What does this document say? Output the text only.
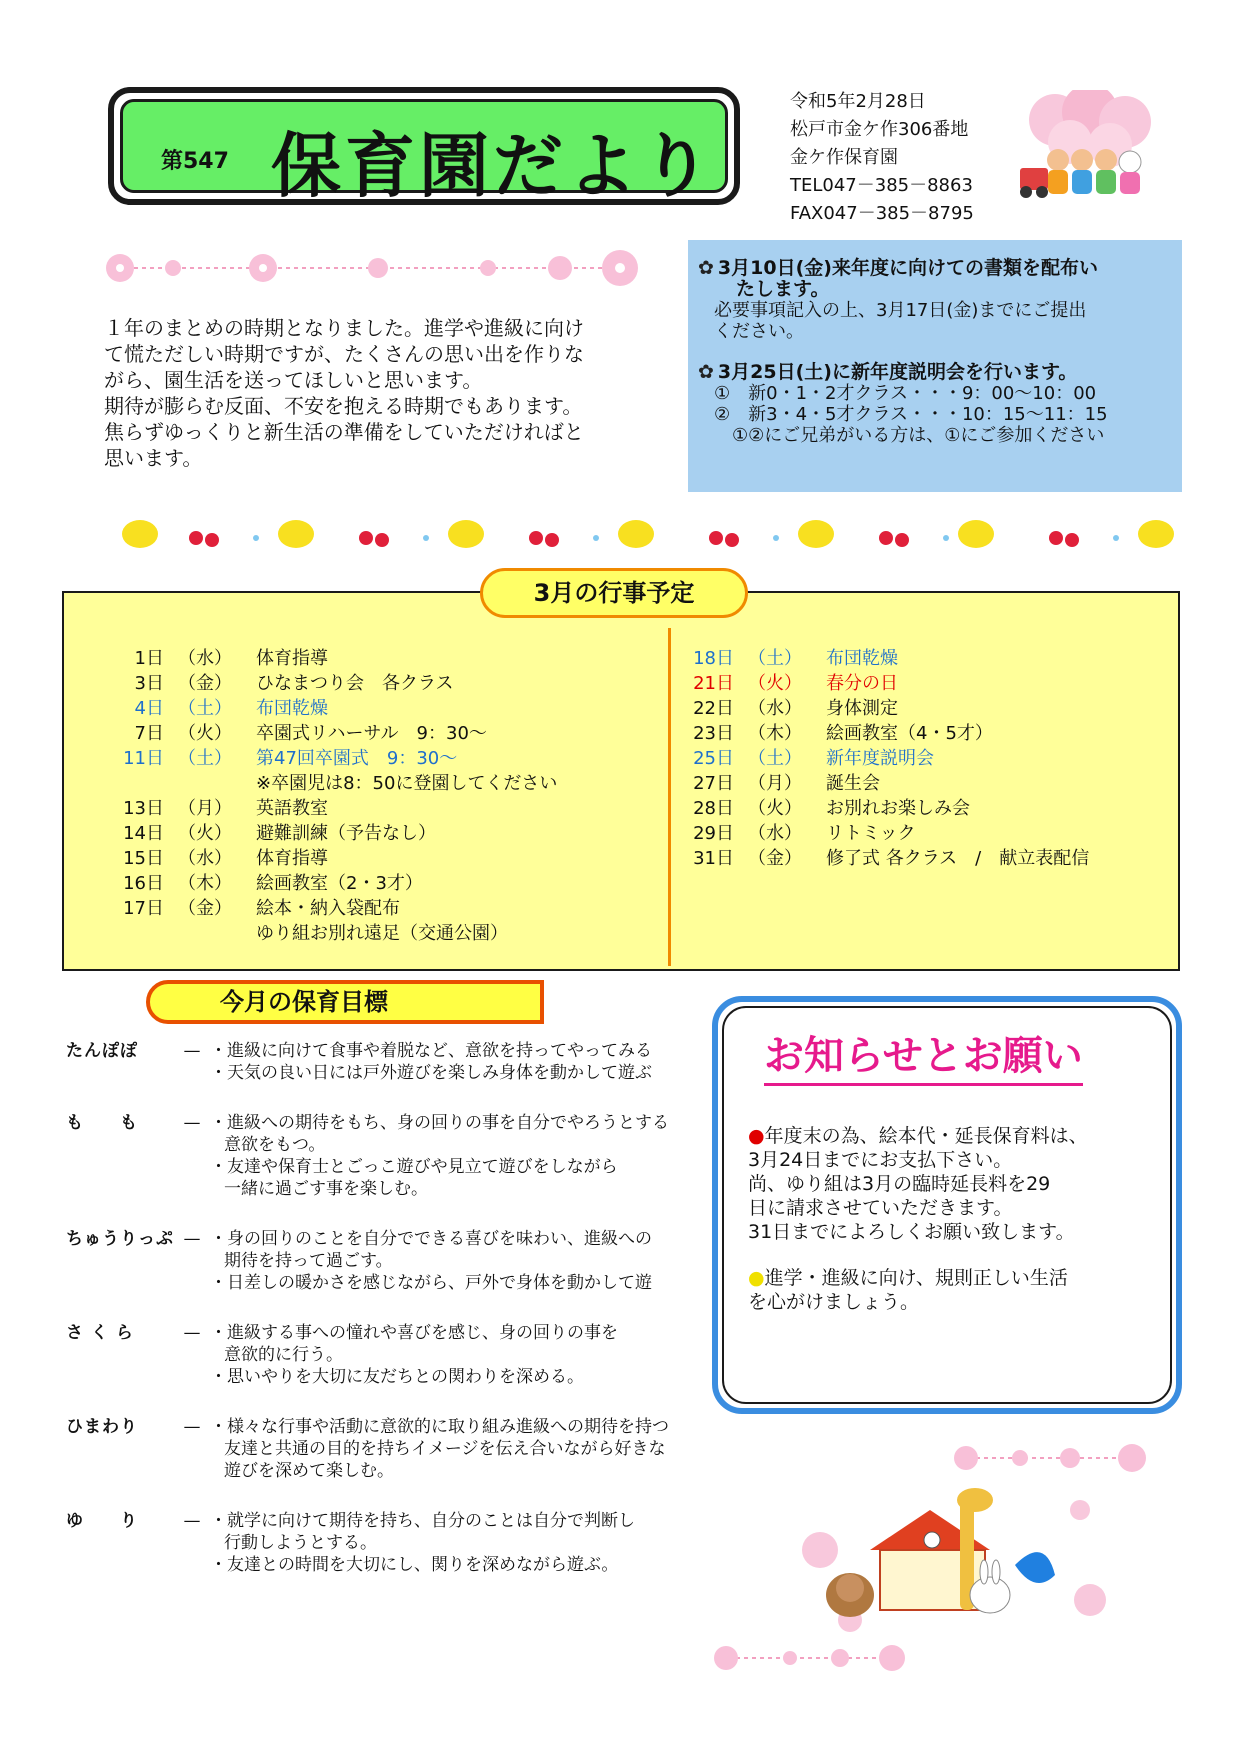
第547 保育園だより
令和5年2月28日
松戸市金ケ作306番地
金ケ作保育園
TEL047－385－8863
FAX047－385－8795
１年のまとめの時期となりました。進学や進級に向け
て慌ただしい時期ですが、たくさんの思い出を作りな
がら、園生活を送ってほしいと思います。
期待が膨らむ反面、不安を抱える時期でもあります。
焦らずゆっくりと新生活の準備をしていただければと
思います。
✿ 3月10日(金)来年度に向けての書類を配布い
たします。
必要事項記入の上、3月17日(金)までにご提出
ください。
✿ 3月25日(土)に新年度説明会を行います。
①　新0・1・2才クラス・・・9：00～10：00
②　新3・4・5才クラス・・・10：15～11：15
①②にご兄弟がいる方は、①にご参加ください
3月の行事予定
1日 （水）	体育指導
3日 （金）	ひなまつり会　各クラス
4日 （土）	布団乾燥
7日 （火）	卒園式リハーサル　9：30～
11日 （土）	第47回卒園式　9：30～
※卒園児は8：50に登園してください
13日 （月）	英語教室
14日 （火）	避難訓練（予告なし）
15日 （水）	体育指導
16日 （木）	絵画教室（2・3才）
17日 （金）	絵本・納入袋配布
ゆり組お別れ遠足（交通公園）
18日 （土）	布団乾燥
21日 （火）	春分の日
22日 （水）	身体測定
23日 （木）	絵画教室（4・5才）
25日 （土）	新年度説明会
27日 （月）	誕生会
28日 （火）	お別れお楽しみ会
29日 （水）	リトミック
31日 （金）	修了式 各クラス　/　献立表配信
今月の保育目標
たんぽぽ	— ・進級に向けて食事や着脱など、意欲を持ってやってみる
・天気の良い日には戸外遊びを楽しみ身体を動かして遊ぶ
も　　も	— ・進級への期待をもち、身の回りの事を自分でやろうとする
意欲をもつ。
・友達や保育士とごっこ遊びや見立て遊びをしながら
一緒に過ごす事を楽しむ。
ちゅうりっぷ — ・身の回りのことを自分でできる喜びを味わい、進級への
期待を持って過ごす。
・日差しの暖かさを感じながら、戸外で身体を動かして遊
さ く ら	— ・進級する事への憧れや喜びを感じ、身の回りの事を
意欲的に行う。
・思いやりを大切に友だちとの関わりを深める。
ひまわり	— ・様々な行事や活動に意欲的に取り組み進級への期待を持つ
友達と共通の目的を持ちイメージを伝え合いながら好きな
遊びを深めて楽しむ。
ゆ　　り	— ・就学に向けて期待を持ち、自分のことは自分で判断し
行動しようとする。
・友達との時間を大切にし、関りを深めながら遊ぶ。
お知らせとお願い
●年度末の為、絵本代・延長保育料は、
3月24日までにお支払下さい。
尚、ゆり組は3月の臨時延長料を29
日に請求させていただきます。
31日までによろしくお願い致します。
●進学・進級に向け、規則正しい生活
を心がけましょう。
